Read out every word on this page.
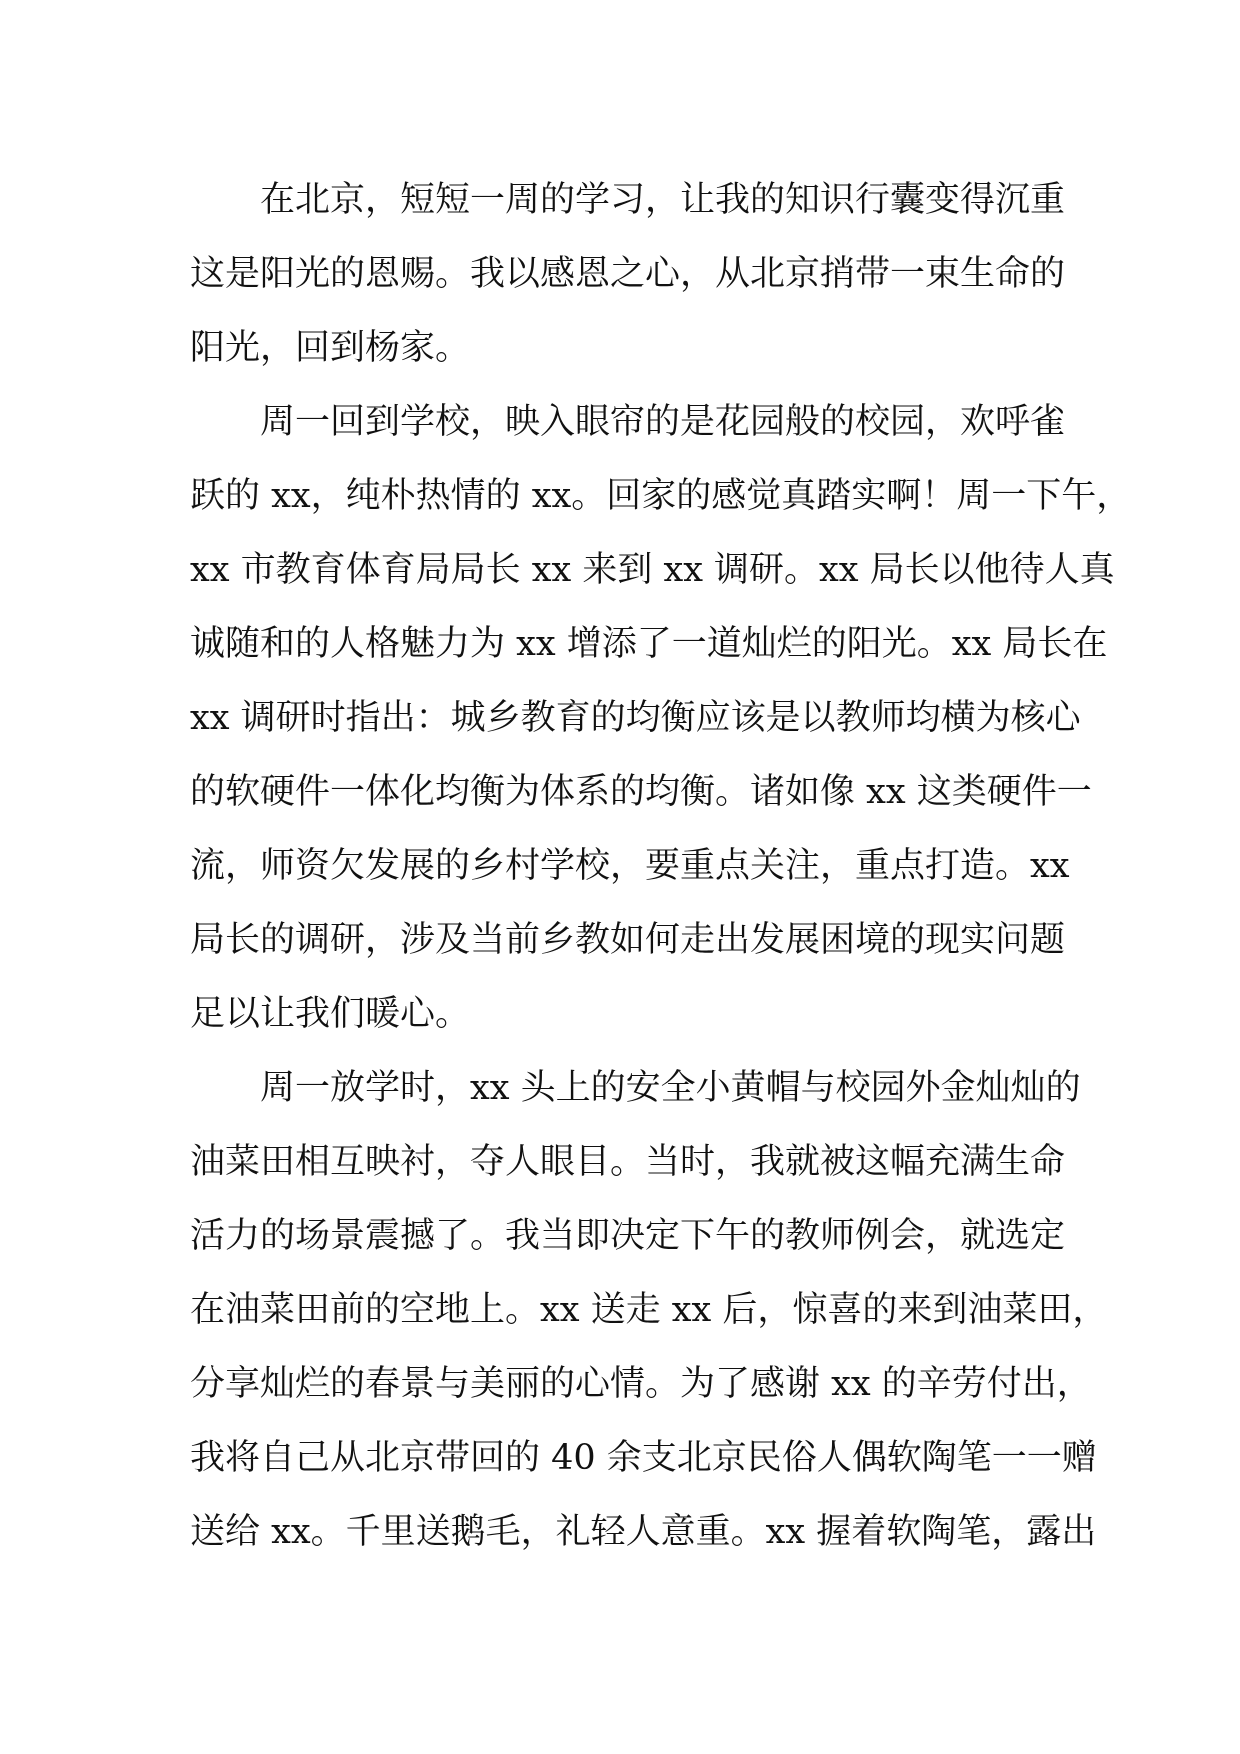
在北京，短短一周的学习，让我的知识行囊变得沉重
这是阳光的恩赐。我以感恩之心，从北京捎带一束生命的
阳光，回到杨家。
周一回到学校，映入眼帘的是花园般的校园，欢呼雀
跃的 xx，纯朴热情的 xx。回家的感觉真踏实啊！周一下午，
xx 市教育体育局局长 xx 来到 xx 调研。xx 局长以他待人真
诚随和的人格魅力为 xx 增添了一道灿烂的阳光。xx 局长在
xx 调研时指出：城乡教育的均衡应该是以教师均横为核心
的软硬件一体化均衡为体系的均衡。诸如像 xx 这类硬件一
流，师资欠发展的乡村学校，要重点关注，重点打造。xx
局长的调研，涉及当前乡教如何走出发展困境的现实问题
足以让我们暖心。
周一放学时，xx 头上的安全小黄帽与校园外金灿灿的
油菜田相互映衬，夺人眼目。当时，我就被这幅充满生命
活力的场景震撼了。我当即决定下午的教师例会，就选定
在油菜田前的空地上。xx 送走 xx 后，惊喜的来到油菜田，
分享灿烂的春景与美丽的心情。为了感谢 xx 的辛劳付出，
我将自己从北京带回的 40 余支北京民俗人偶软陶笔一一赠
送给 xx。千里送鹅毛，礼轻人意重。xx 握着软陶笔，露出
